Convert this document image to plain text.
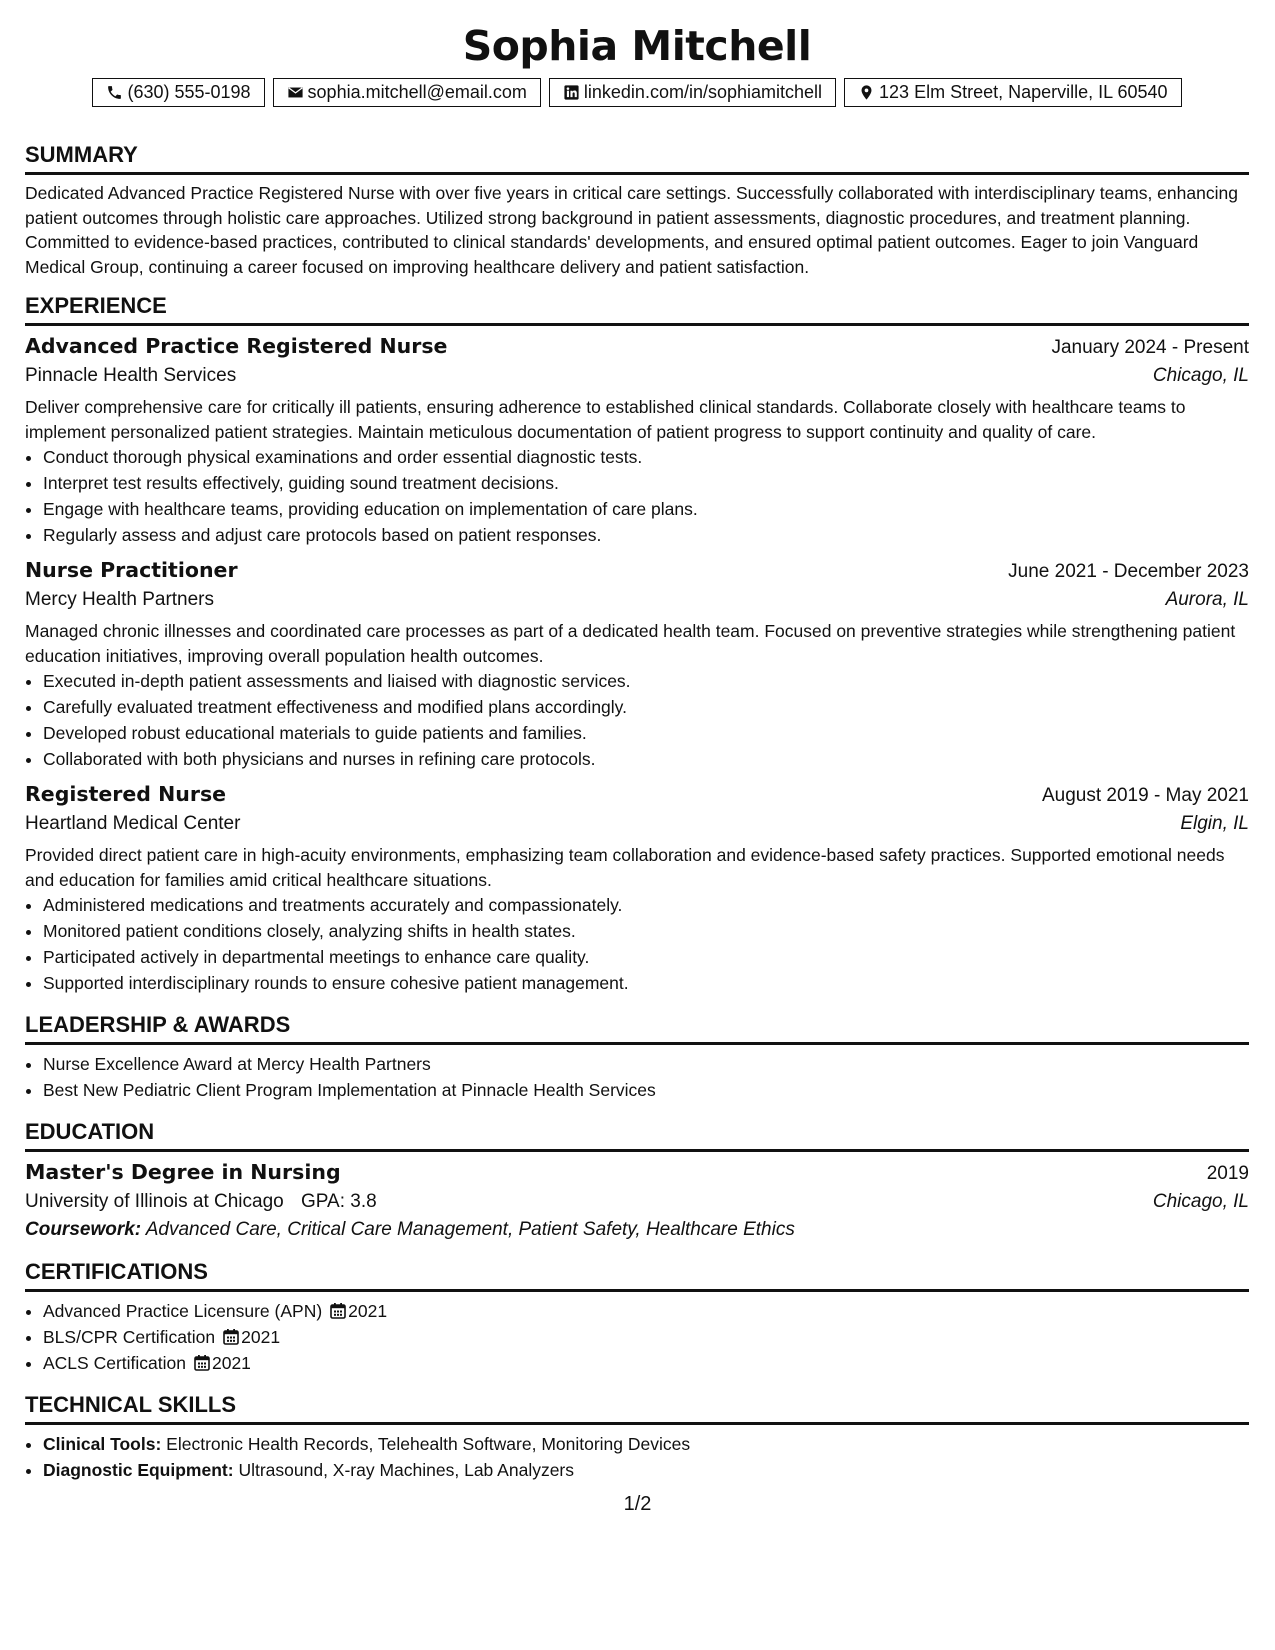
Sophia Mitchell
(630) 555-0198	sophia.mitchell@email.com	linkedin.com/in/sophiamitchell	123 Elm Street, Naperville, IL 60540
SUMMARY

Dedicated Advanced Practice Registered Nurse with over five years in critical care settings. Successfully collaborated with interdisciplinary teams, enhancing patient outcomes through holistic care approaches. Utilized strong background in patient assessments, diagnostic procedures, and treatment planning. Committed to evidence-based practices, contributed to clinical standards' developments, and ensured optimal patient outcomes. Eager to join Vanguard Medical Group, continuing a career focused on improving healthcare delivery and patient satisfaction.

EXPERIENCE
Advanced Practice Registered Nurse	January 2024 - Present
Pinnacle Health Services	Chicago, IL

Deliver comprehensive care for critically ill patients, ensuring adherence to established clinical standards. Collaborate closely with healthcare teams to implement personalized patient strategies. Maintain meticulous documentation of patient progress to support continuity and quality of care.

• Conduct thorough physical examinations and order essential diagnostic tests.
• Interpret test results effectively, guiding sound treatment decisions.
• Engage with healthcare teams, providing education on implementation of care plans.
• Regularly assess and adjust care protocols based on patient responses.
Nurse Practitioner	June 2021 - December 2023
Mercy Health Partners	Aurora, IL

Managed chronic illnesses and coordinated care processes as part of a dedicated health team. Focused on preventive strategies while strengthening patient education initiatives, improving overall population health outcomes.

• Executed in-depth patient assessments and liaised with diagnostic services.
• Carefully evaluated treatment effectiveness and modified plans accordingly.
• Developed robust educational materials to guide patients and families.
• Collaborated with both physicians and nurses in refining care protocols.
Registered Nurse	August 2019 - May 2021
Heartland Medical Center	Elgin, IL

Provided direct patient care in high-acuity environments, emphasizing team collaboration and evidence-based safety practices. Supported emotional needs and education for families amid critical healthcare situations.

• Administered medications and treatments accurately and compassionately.
• Monitored patient conditions closely, analyzing shifts in health states.
• Participated actively in departmental meetings to enhance care quality.
• Supported interdisciplinary rounds to ensure cohesive patient management.
LEADERSHIP & AWARDS
• Nurse Excellence Award at Mercy Health Partners
• Best New Pediatric Client Program Implementation at Pinnacle Health Services
EDUCATION
Master's Degree in Nursing	2019
University of Illinois at Chicago GPA: 3.8	Chicago, IL
Coursework: Advanced Care, Critical Care Management, Patient Safety, Healthcare Ethics
CERTIFICATIONS
• Advanced Practice Licensure (APN) 2021
• BLS/CPR Certification 2021
• ACLS Certification 2021
TECHNICAL SKILLS
• Clinical Tools: Electronic Health Records, Telehealth Software, Monitoring Devices
• Diagnostic Equipment: Ultrasound, X-ray Machines, Lab Analyzers
1/2
